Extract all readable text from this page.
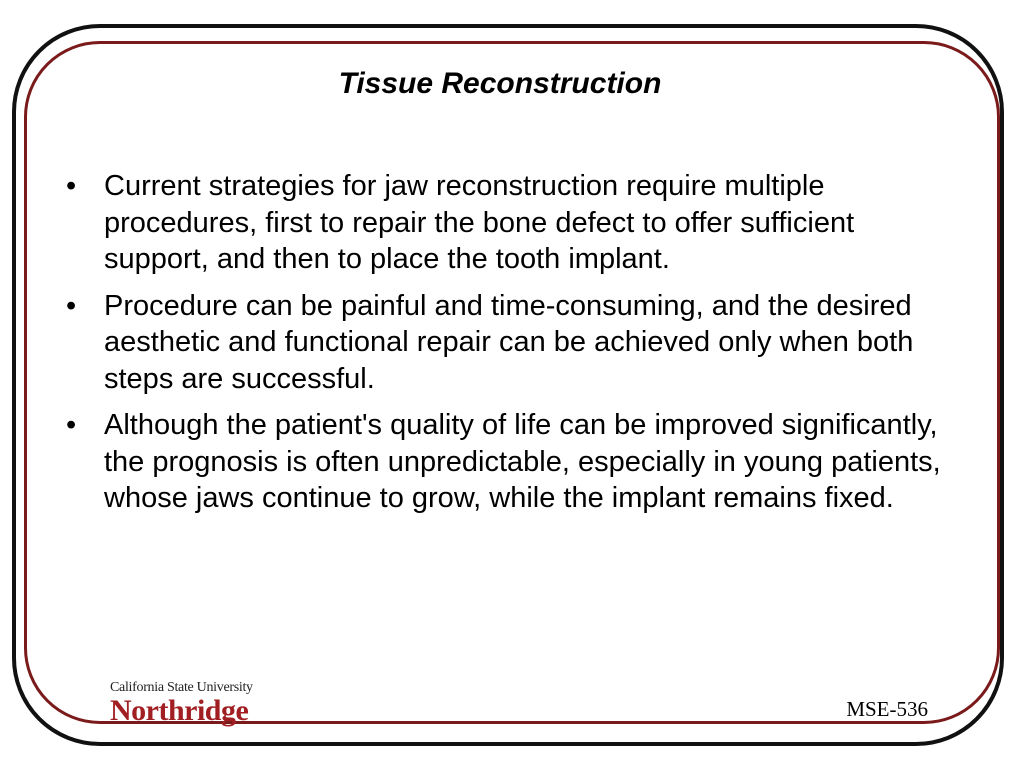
Tissue Reconstruction
• Current strategies for jaw reconstruction require multiple procedures, first to repair the bone defect to offer sufficient support, and then to place the tooth implant.
• Procedure can be painful and time-consuming, and the desired aesthetic and functional repair can be achieved only when both steps are successful.
• Although the patient's quality of life can be improved significantly, the prognosis is often unpredictable, especially in young patients, whose jaws continue to grow, while the implant remains fixed.
California State University
Northridge	MSE-536
